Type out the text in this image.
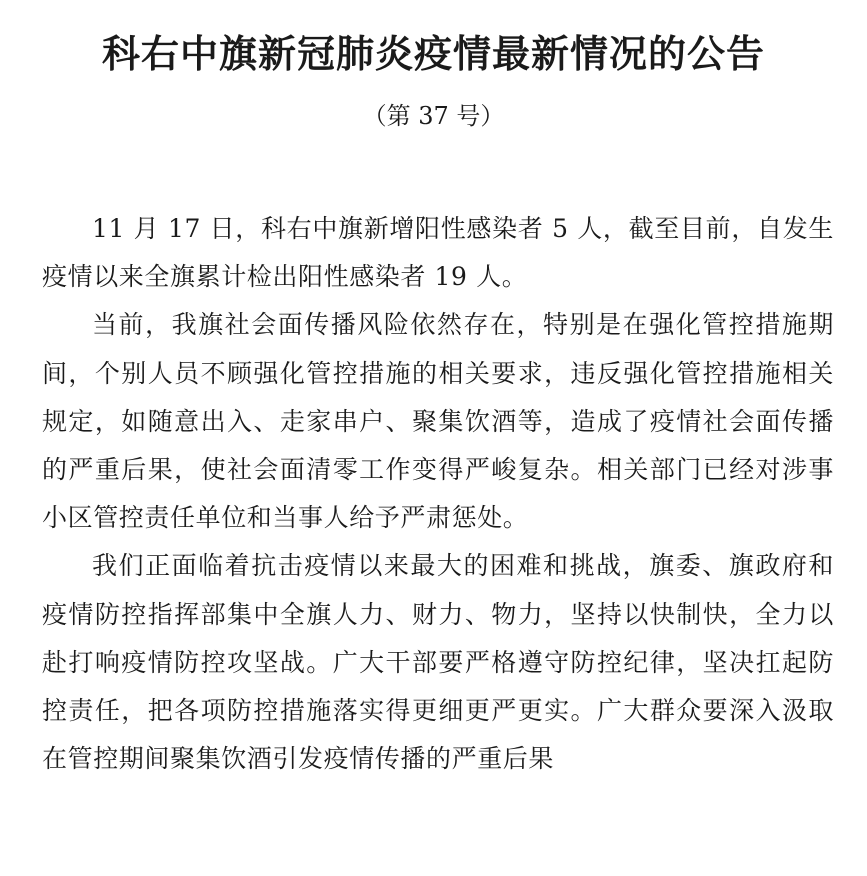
科右中旗新冠肺炎疫情最新情况的公告
（第 37 号）

11 月 17 日，科右中旗新增阳性感染者 5 人，截至目前，自发生疫情以来全旗累计检出阳性感染者 19 人。

当前，我旗社会面传播风险依然存在，特别是在强化管控措施期间，个别人员不顾强化管控措施的相关要求，违反强化管控措施相关规定，如随意出入、走家串户、聚集饮酒等，造成了疫情社会面传播的严重后果，使社会面清零工作变得严峻复杂。相关部门已经对涉事小区管控责任单位和当事人给予严肃惩处。

我们正面临着抗击疫情以来最大的困难和挑战，旗委、旗政府和疫情防控指挥部集中全旗人力、财力、物力，坚持以快制快，全力以赴打响疫情防控攻坚战。广大干部要严格遵守防控纪律，坚决扛起防控责任，把各项防控措施落实得更细更严更实。广大群众要深入汲取在管控期间聚集饮酒引发疫情传播的严重后果
